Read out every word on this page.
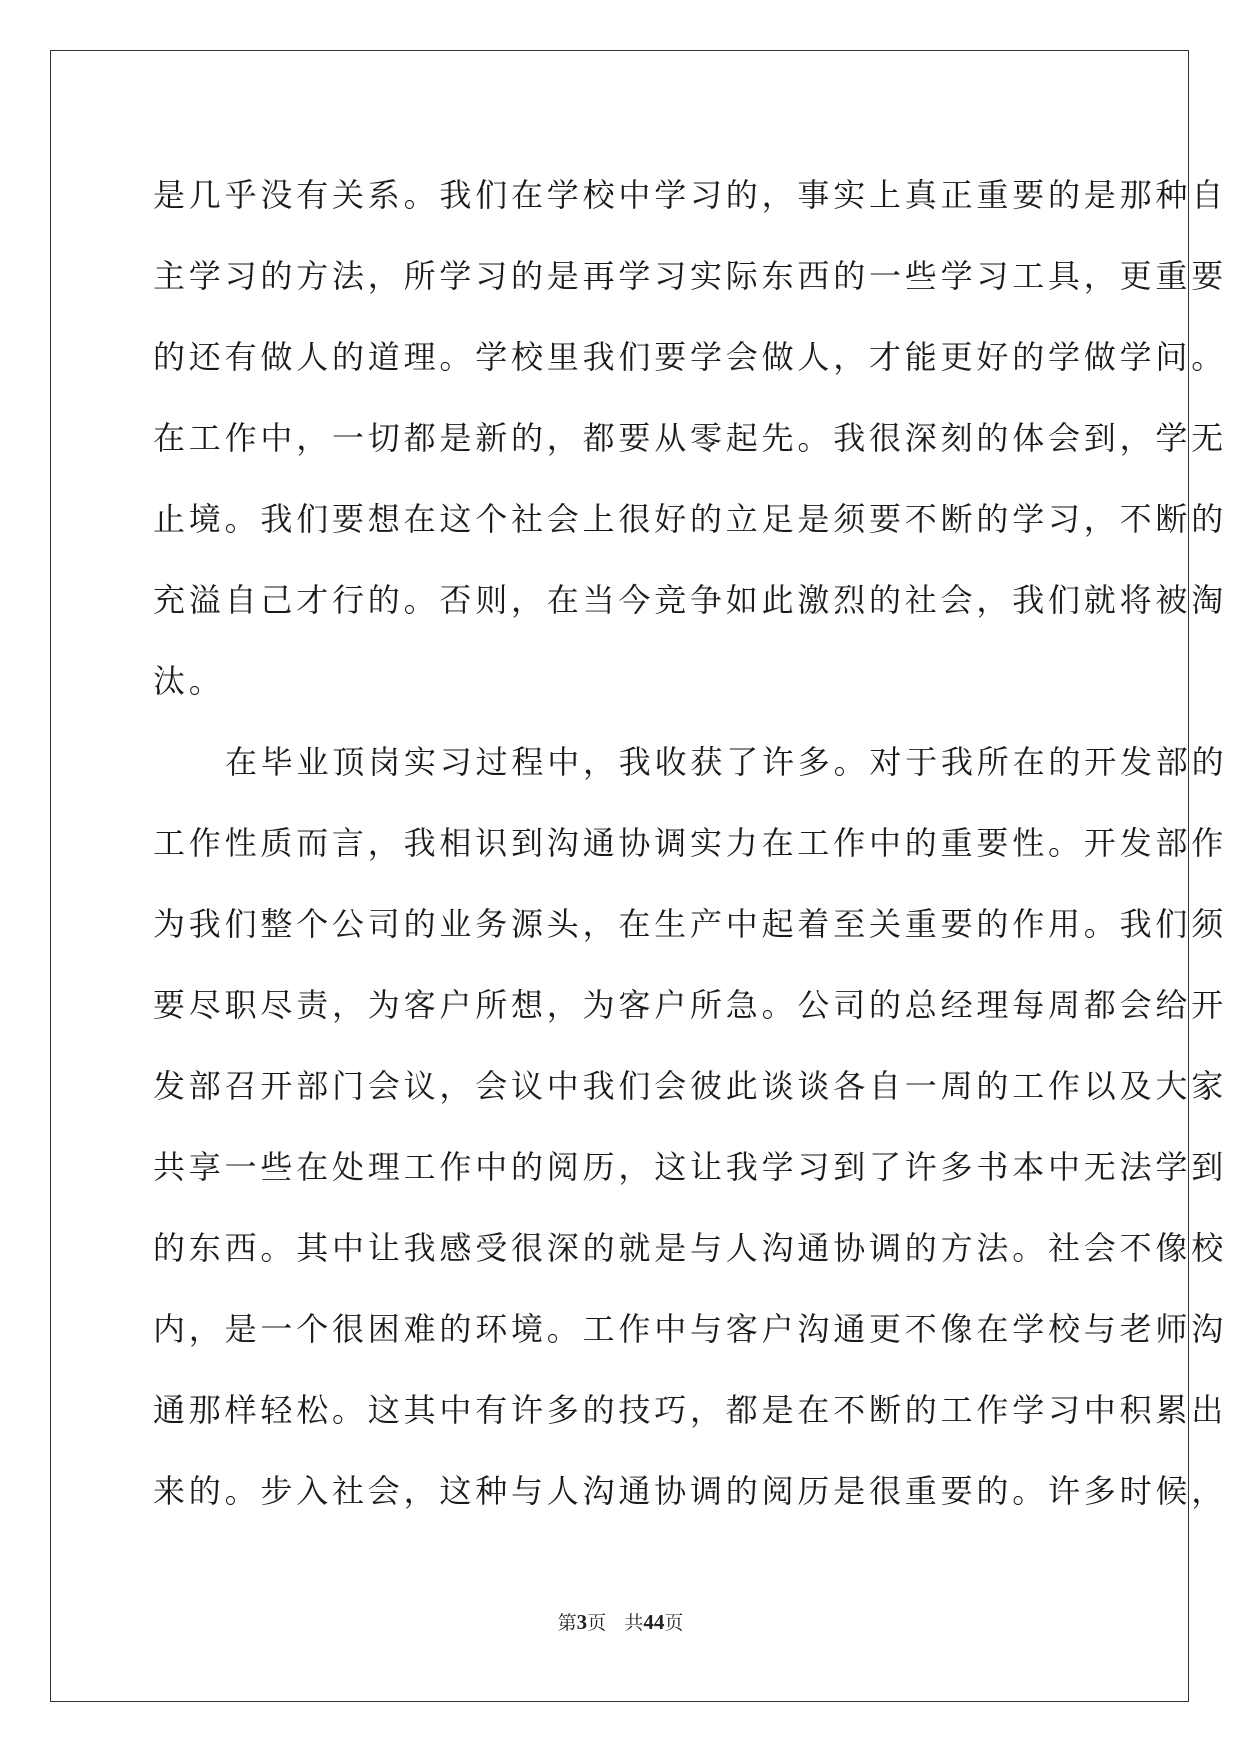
是几乎没有关系。我们在学校中学习的，事实上真正重要的是那种自
主学习的方法，所学习的是再学习实际东西的一些学习工具，更重要
的还有做人的道理。学校里我们要学会做人，才能更好的学做学问。
在工作中，一切都是新的，都要从零起先。我很深刻的体会到，学无
止境。我们要想在这个社会上很好的立足是须要不断的学习，不断的
充溢自己才行的。否则，在当今竞争如此激烈的社会，我们就将被淘
汰。
在毕业顶岗实习过程中，我收获了许多。对于我所在的开发部的
工作性质而言，我相识到沟通协调实力在工作中的重要性。开发部作
为我们整个公司的业务源头，在生产中起着至关重要的作用。我们须
要尽职尽责，为客户所想，为客户所急。公司的总经理每周都会给开
发部召开部门会议，会议中我们会彼此谈谈各自一周的工作以及大家
共享一些在处理工作中的阅历，这让我学习到了许多书本中无法学到
的东西。其中让我感受很深的就是与人沟通协调的方法。社会不像校
内，是一个很困难的环境。工作中与客户沟通更不像在学校与老师沟
通那样轻松。这其中有许多的技巧，都是在不断的工作学习中积累出
来的。步入社会，这种与人沟通协调的阅历是很重要的。许多时候，
第3页 共44页
